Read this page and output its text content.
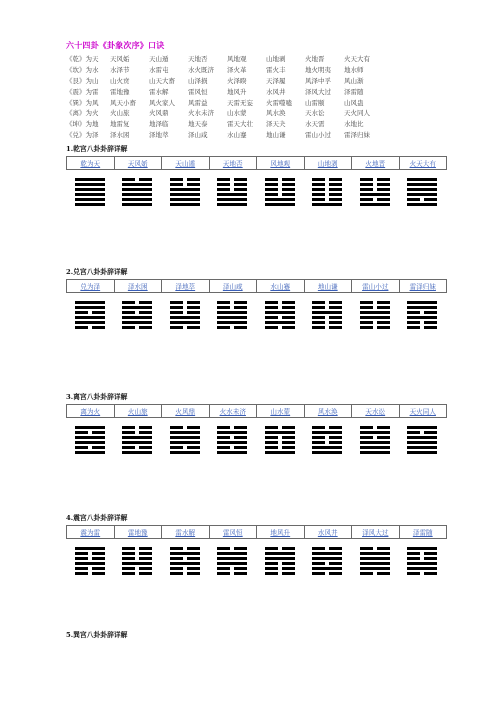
六十四卦《卦象次序》口诀
《乾》为天	天风姤	天山遁	天地否	风地观	山地剥	火地晋	火天大有
《坎》为水	水泽节	水雷屯	水火既济	泽火革	雷火丰	地火明夷	地水师
《艮》为山	山火贲	山天大畜	山泽损	火泽睽	天泽履	风泽中孚	风山渐
《震》为雷	雷地豫	雷水解	雷风恒	地风升	水风井	泽风大过	泽雷随
《巽》为风	风天小畜	风火家人	风雷益	天雷无妄	火雷噬嗑	山雷颐	山风蛊
《离》为火	火山旅	火风鼎	火水未济	山水蒙	风水涣	天水讼	天火同人
《坤》为地	地雷复	地泽临	地天泰	雷天大壮	泽天夬	水天需	水地比
《兑》为泽	泽水困	泽地萃	泽山咸	水山蹇	地山谦	雷山小过	雷泽归妹
1.乾宫八卦卦辞详解
乾为天	天风姤	天山遁	天地否	风地观	山地剥	火地晋	火天大有
2.兑宫八卦卦辞详解
兑为泽	泽水困	泽地萃	泽山咸	水山蹇	地山谦	雷山小过	雷泽归妹
3.离宫八卦卦辞详解
离为火	火山旅	火风鼎	火水未济	山水蒙	风水涣	天水讼	天火同人
4.震宫八卦卦辞详解
震为雷	雷地豫	雷水解	雷风恒	地风升	水风井	泽风大过	泽雷随
5.巽宫八卦卦辞详解
